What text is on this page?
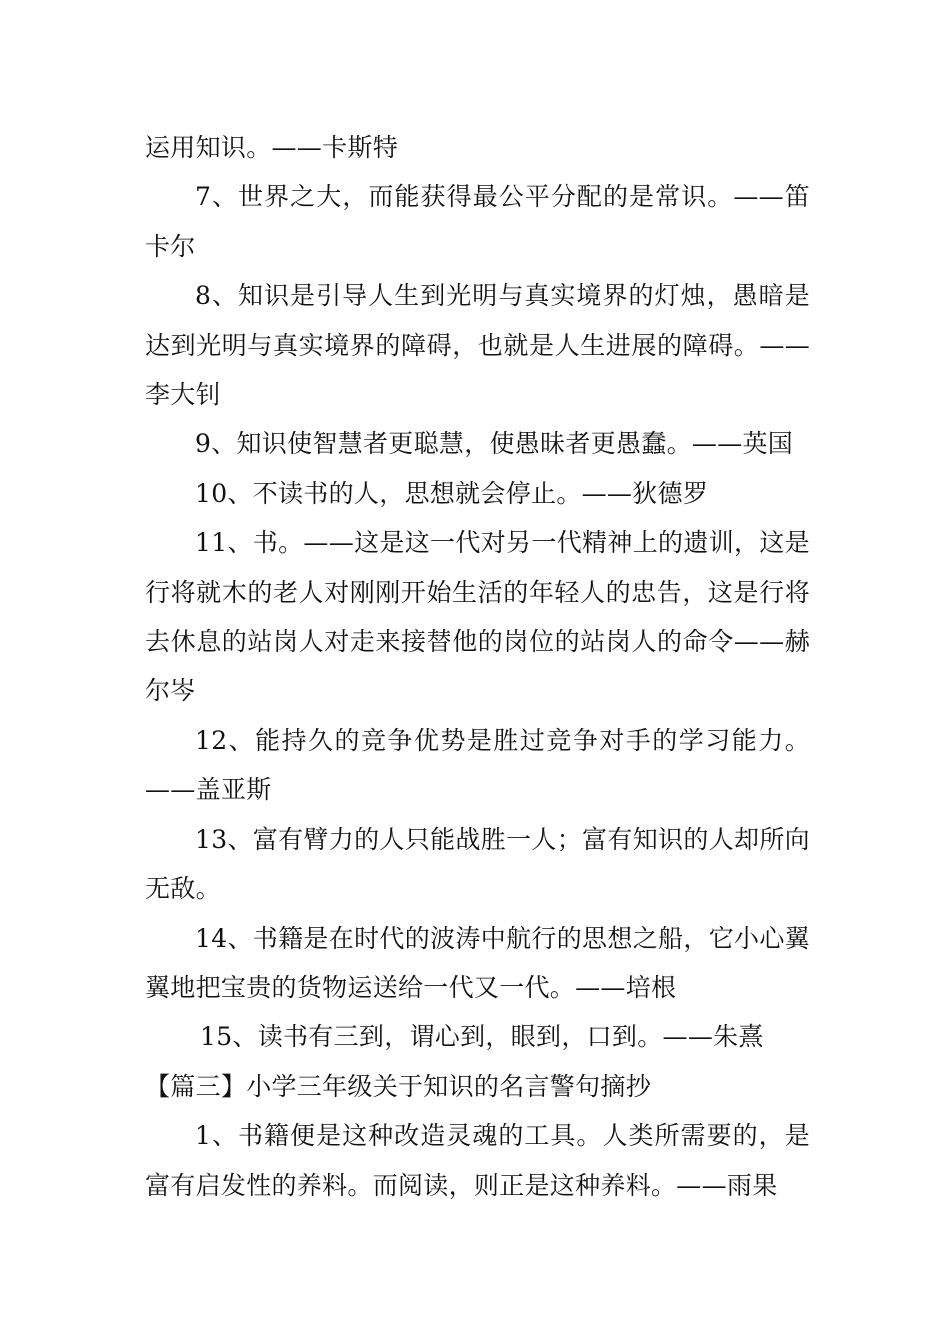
运用知识。——卡斯特

7、世界之大，而能获得最公平分配的是常识。——笛卡尔

8、知识是引导人生到光明与真实境界的灯烛，愚暗是达到光明与真实境界的障碍，也就是人生进展的障碍。——李大钊

9、知识使智慧者更聪慧，使愚昧者更愚蠢。——英国

10、不读书的人，思想就会停止。——狄德罗

11、书。——这是这一代对另一代精神上的遗训，这是行将就木的老人对刚刚开始生活的年轻人的忠告，这是行将去休息的站岗人对走来接替他的岗位的站岗人的命令——赫尔岑

12、能持久的竞争优势是胜过竞争对手的学习能力。——盖亚斯

13、富有臂力的人只能战胜一人；富有知识的人却所向无敌。

14、书籍是在时代的波涛中航行的思想之船，它小心翼翼地把宝贵的货物运送给一代又一代。——培根

15、读书有三到，谓心到，眼到，口到。——朱熹

【篇三】小学三年级关于知识的名言警句摘抄

1、书籍便是这种改造灵魂的工具。人类所需要的，是富有启发性的养料。而阅读，则正是这种养料。——雨果
